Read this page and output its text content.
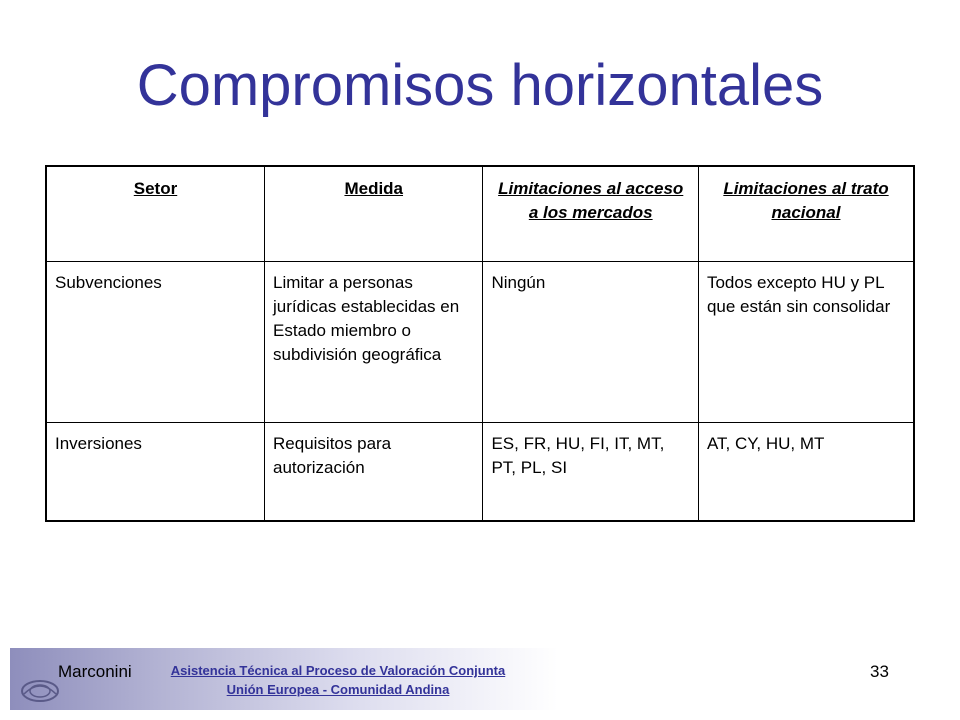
Compromisos horizontales
Setor	Medida	Limitaciones al acceso a los mercados	Limitaciones al trato nacional
Subvenciones	Limitar a personas jurídicas establecidas en Estado miembro o subdivisión geográfica	Ningún	Todos excepto HU y PL que están sin consolidar
Inversiones	Requisitos para autorización	ES, FR, HU, FI, IT, MT, PT, PL, SI	AT, CY, HU, MT
Marconini	Asistencia Técnica al Proceso de Valoración Conjunta
Unión Europea - Comunidad Andina
33
